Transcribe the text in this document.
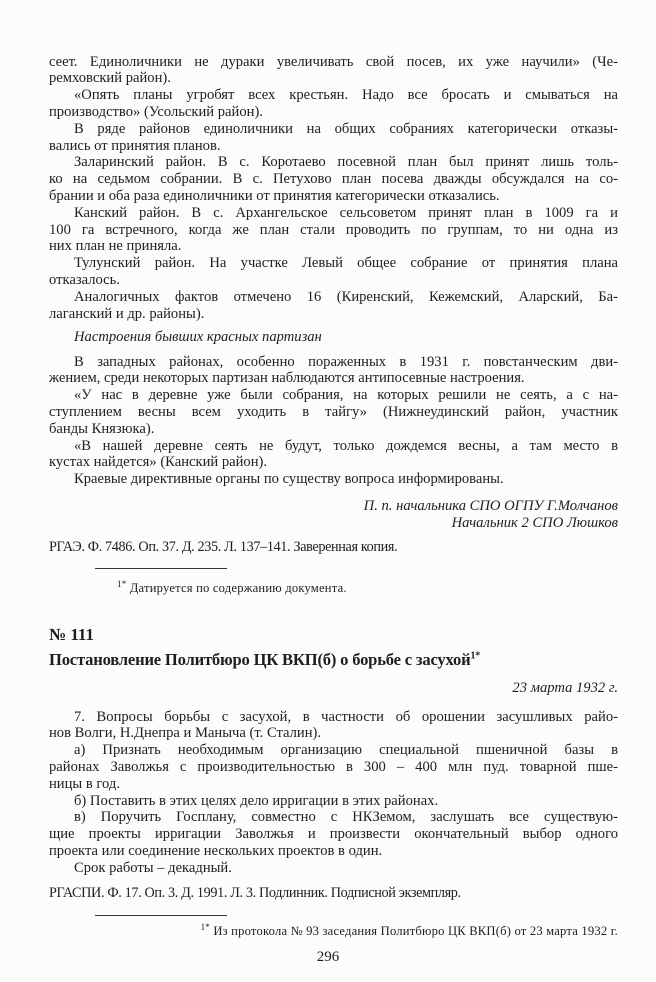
сеет. Единоличники не дураки увеличивать свой посев, их уже научили» (Че-
ремховский район).
«Опять планы угробят всех крестьян. Надо все бросать и смываться на
производство» (Усольский район).
В ряде районов единоличники на общих собраниях категорически отказы-
вались от принятия планов.
Заларинский район. В с. Коротаево посевной план был принят лишь толь-
ко на седьмом собрании. В с. Петухово план посева дважды обсуждался на со-
брании и оба раза единоличники от принятия категорически отказались.
Канский район. В с. Архангельское сельсоветом принят план в 1009 га и
100 га встречного, когда же план стали проводить по группам, то ни одна из
них план не приняла.
Тулунский район. На участке Левый общее собрание от принятия плана
отказалось.
Аналогичных фактов отмечено 16 (Киренский, Кежемский, Аларский, Ба-
лаганский и др. районы).
Настроения бывших красных партизан
В западных районах, особенно пораженных в 1931 г. повстанческим дви-
жением, среди некоторых партизан наблюдаются антипосевные настроения.
«У нас в деревне уже были собрания, на которых решили не сеять, а с на-
ступлением весны всем уходить в тайгу» (Нижнеудинский район, участник
банды Князюка).
«В нашей деревне сеять не будут, только дождемся весны, а там место в
кустах найдется» (Канский район).
Краевые директивные органы по существу вопроса информированы.
П. п. начальника СПО ОГПУ Г.Молчанов
Начальник 2 СПО Люшков
РГАЭ. Ф. 7486. Оп. 37. Д. 235. Л. 137–141. Заверенная копия.
$^{1*}$ Датируется по содержанию документа.
№ 111
Постановление Политбюро ЦК ВКП(б) о борьбе с засухой$^{1*}$
23 марта 1932 г.
7. Вопросы борьбы с засухой, в частности об орошении засушливых райо-
нов Волги, Н.Днепра и Маныча (т. Сталин).
а) Признать необходимым организацию специальной пшеничной базы в
районах Заволжья с производительностью в 300 – 400 млн пуд. товарной пше-
ницы в год.
б) Поставить в этих целях дело ирригации в этих районах.
в) Поручить Госплану, совместно с НКЗемом, заслушать все существую-
щие проекты ирригации Заволжья и произвести окончательный выбор одного
проекта или соединение нескольких проектов в один.
Срок работы – декадный.
РГАСПИ. Ф. 17. Оп. 3. Д. 1991. Л. 3. Подлинник. Подписной экземпляр.
$^{1*}$ Из протокола № 93 заседания Политбюро ЦК ВКП(б) от 23 марта 1932 г.
296
